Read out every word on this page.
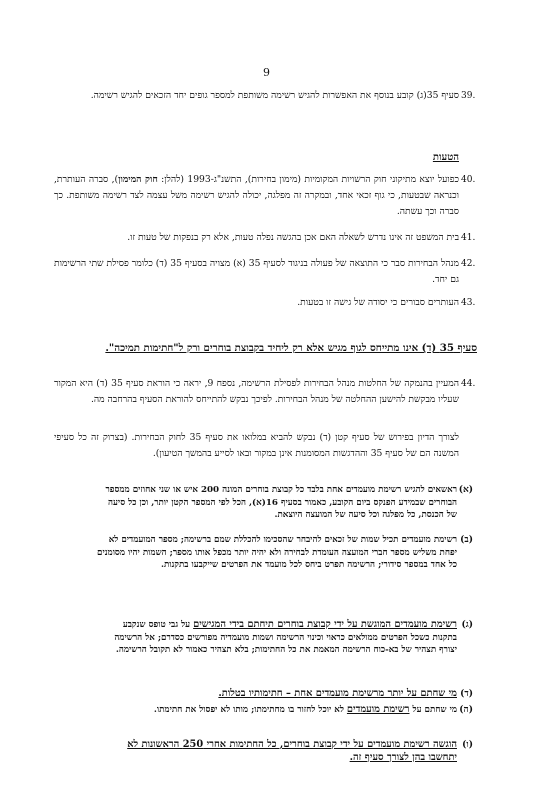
9
39.
סעיף 35(ג) קובע בנוסף את האפשרות להגיש רשימה משותפת למספר גופים יחד הזכאים להגיש רשימה.
הטעות
40.
כפועל יוצא מתיקוני חוק הרשויות המקומיות (מימון בחירות), התשנ"ג-1993 (להלן: חוק המימון), סברה העותרת, וכנראה שבטעות, כי גוף זכאי אחד, ובמקרה זה מפלגה, יכולה להגיש רשימה משל עצמה לצד רשימה משותפת. כך סברה וכך עשתה.
41.
בית המשפט זה אינו נדרש לשאלה האם אכן בהגשה נפלה טעות, אלא רק בנפקות של טעות זו.
42.
מנהל הבחירות סבר כי התוצאה של פעולה בניגוד לסעיף 35 (א) מצויה בסעיף 35 (ד) כלומר פסילת שתי הרשימות גם יחד.
43.
העותרים סבורים כי יסודה של גישה זו בטעות.
סעיף 35 (ד) אינו מתייחס לגוף מגיש אלא רק ליחיד בקבוצת בוחרים ורק ל"חתימות תמיכה".
44.
המעיין בהנמקה של החלטות מנהל הבחירות לפסילת הרשימה, נספח 9, יראה כי הוראת סעיף 35 (ד) היא המקור שעליו מבקשת להישען ההחלטה של מנהל הבחירות. לפיכך נבקש להתייחס להוראת הסעיף בהרחבה מה.
לצורך הדיון בפירוש של סעיף קטן (ד) נבקש להביא במלואו את סעיף 35 לחוק הבחירות. (בצרוק זה כל סעיפי המשנה הם של סעיף 35 וההדגשות המסומנות אינן במקור ובאו לסייע בהמשך הטיעון).
(א)
ראשאים להגיש רשימת מועמדים אחת בלבד כל קבוצת בוחרים המונה 200 איש או שני אחוזים ממספר הבוחרים שבמידע הפנקס ביום הקובע, כאמור בסעיף 16(א), הכל לפי המספר הקטן יותר, וכן כל סיעה של הכנסת, כל מפלגה וכל סיעה של המועצה היוצאת.
(ב)
רשימת מועמדים תכיל שמות של זכאים להיבחר שהסכימו להכללת שמם ברשימה; מספר המועמדים לא יפחת משליש מספר חברי המועצה העומדת לבחירה ולא יהיה יותר מכפל אותו מספר; השמות יהיו מסומנים כל אחד במספר סידורי; הרשימה תפרט ביחס לכל מועמד את הפרטים שייקבעו בתקנות.
(ג)
רשימת מועמדים המוגשת על ידי קבוצת בוחרים תיחתם בידי המגישים על גבי טופס שנקבע בתקנות כשכל הפרטים ממולאים כראוי וכינוי הרשימה ושמות מועמדיה מפורשים כסדרם; אל הרשימה יצורף תצהיר של בא-כוח הרשימה המאמת את כל החתימות; בלא תצהיר כאמור לא תקובל הרשימה.
(ד)
מי שחתם על יותר מרשימת מועמדים אחת – חתימותיו בטלות.
(ה)
מי שחתם על רשימת מועמדים לא יוכל לחזור בו מחתימתו; מותו לא יפסול את חתימתו.
(ו)
הוגשה רשימת מועמדים על ידי קבוצת בוחרים, כל החתימות אחרי 250 הראשונות לא יתחשבו בהן לצורך סעיף זה.
